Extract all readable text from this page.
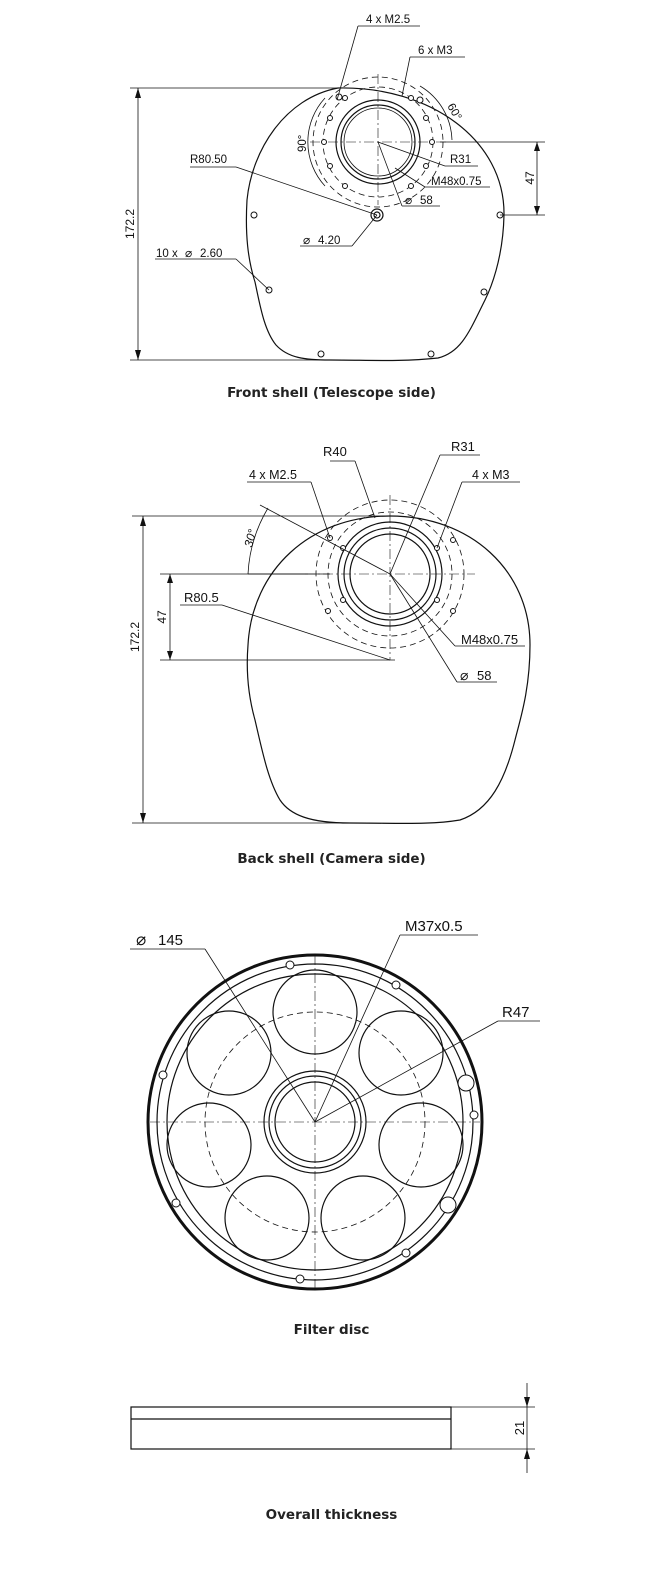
172.2
47
4 x M2.5
6 x M3
60°
90°
R80.50	R31
M48x0.75
⌀ 58
⌀ 4.20
10 x ⌀ 2.60
Front shell (Telescope side)
172.2
47
30°
R40	R31
4 x M2.5	4 x M3
R80.5
M48x0.75
⌀ 58
Back shell (Camera side)
⌀ 145
M37x0.5
R47
Filter disc
21
Overall thickness
